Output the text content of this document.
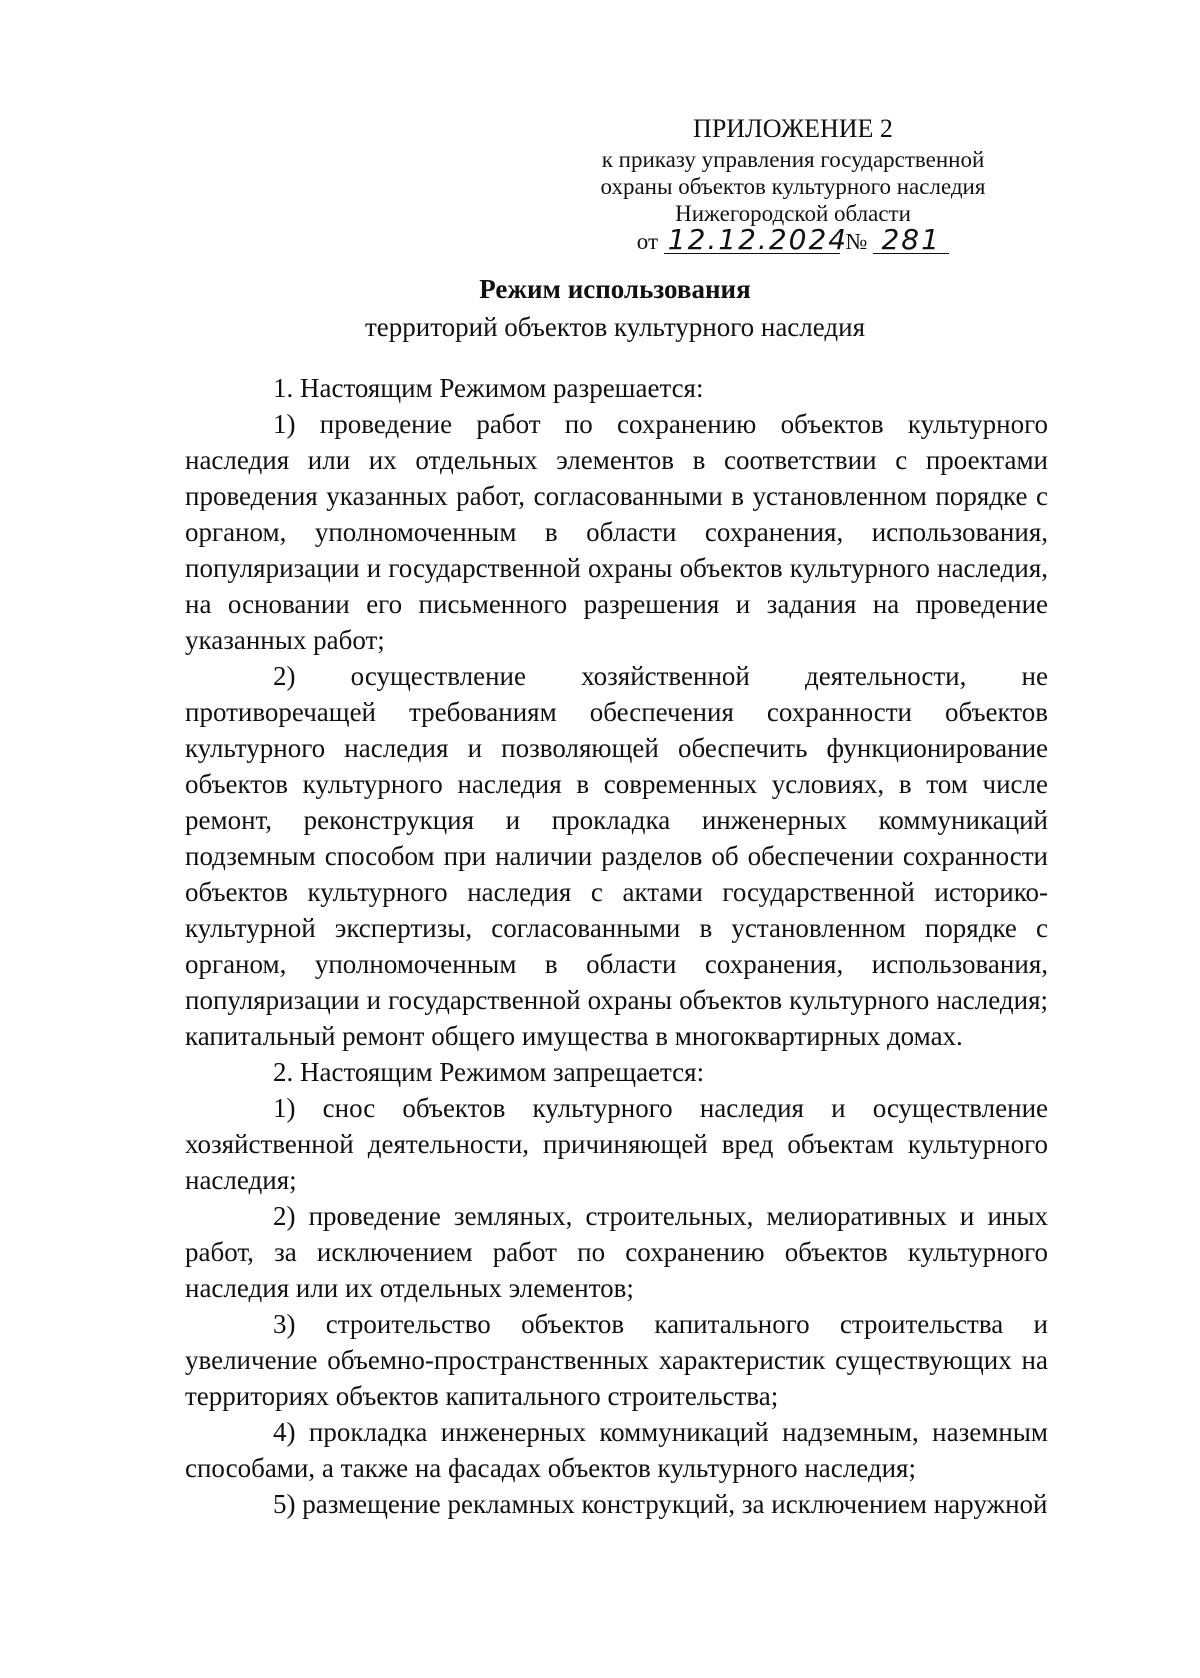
ПРИЛОЖЕНИЕ 2
к приказу управления государственной
охраны объектов культурного наследия
Нижегородской области
от 12.12.2024 № 281
Режим использования
территорий объектов культурного наследия

1. Настоящим Режимом разрешается:

1) проведение работ по сохранению объектов культурного наследия или их отдельных элементов в соответствии с проектами проведения указанных работ, согласованными в установленном порядке с органом, уполномоченным в области сохранения, использования, популяризации и государственной охраны объектов культурного наследия, на основании его письменного разрешения и задания на проведение указанных работ;

2) осуществление хозяйственной деятельности, не противоречащей требованиям обеспечения сохранности объектов культурного наследия и позволяющей обеспечить функционирование объектов культурного наследия в современных условиях, в том числе ремонт, реконструкция и прокладка инженерных коммуникаций подземным способом при наличии разделов об обеспечении сохранности объектов культурного наследия с актами государственной историко-культурной экспертизы, согласованными в установленном порядке с органом, уполномоченным в области сохранения, использования, популяризации и государственной охраны объектов культурного наследия; капитальный ремонт общего имущества в многоквартирных домах.

2. Настоящим Режимом запрещается:

1) снос объектов культурного наследия и осуществление хозяйственной деятельности, причиняющей вред объектам культурного наследия;

2) проведение земляных, строительных, мелиоративных и иных работ, за исключением работ по сохранению объектов культурного наследия или их отдельных элементов;

3) строительство объектов капитального строительства и увеличение объемно-пространственных характеристик существующих на территориях объектов капитального строительства;

4) прокладка инженерных коммуникаций надземным, наземным способами, а также на фасадах объектов культурного наследия;

5) размещение рекламных конструкций, за исключением наружной
